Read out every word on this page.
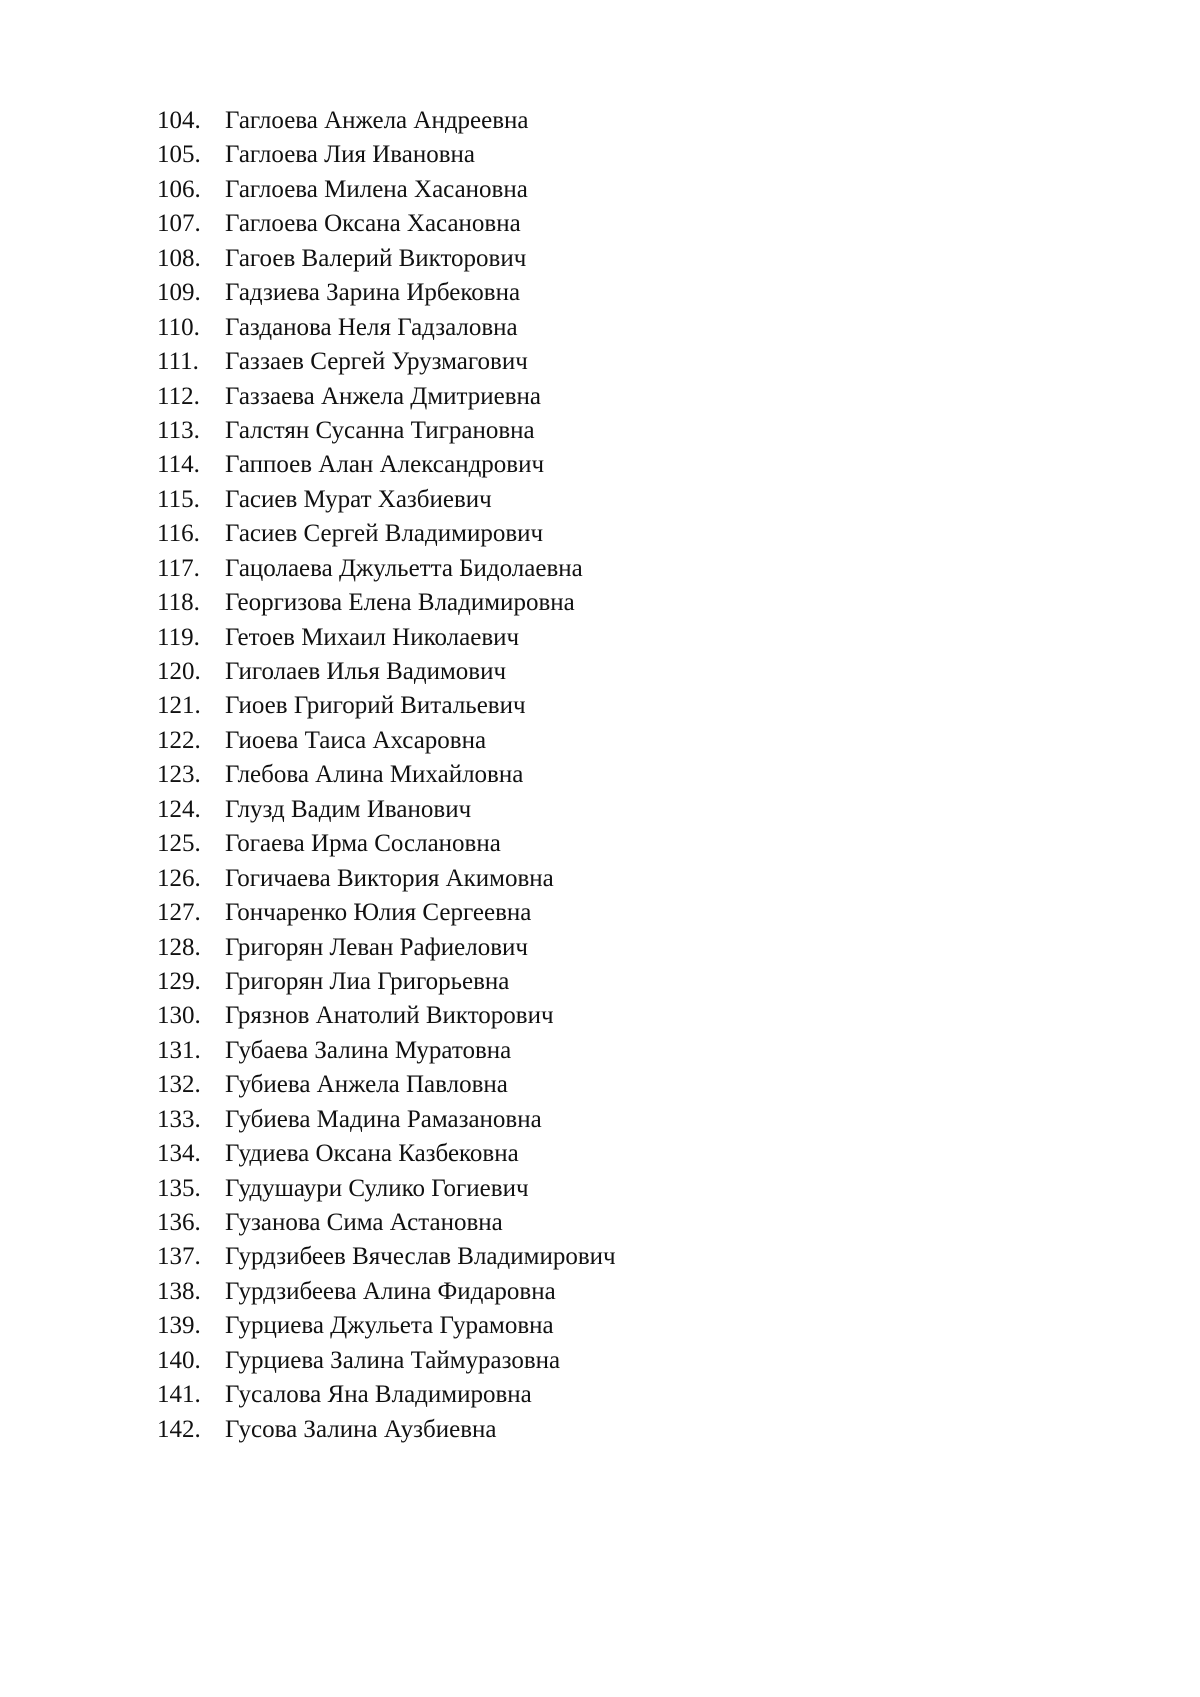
104. Гаглоева Анжела Андреевна
105. Гаглоева Лия Ивановна
106. Гаглоева Милена Хасановна
107. Гаглоева Оксана Хасановна
108. Гагоев Валерий Викторович
109. Гадзиева Зарина Ирбековна
110. Газданова Неля Гадзаловна
111. Газзаев Сергей Урузмагович
112. Газзаева Анжела Дмитриевна
113. Галстян Сусанна Тиграновна
114. Гаппоев Алан Александрович
115. Гасиев Мурат Хазбиевич
116. Гасиев Сергей Владимирович
117. Гацолаева Джульетта Бидолаевна
118. Георгизова Елена Владимировна
119. Гетоев Михаил Николаевич
120. Гиголаев Илья Вадимович
121. Гиоев Григорий Витальевич
122. Гиоева Таиса Ахсаровна
123. Глебова Алина Михайловна
124. Глузд Вадим Иванович
125. Гогаева Ирма Сослановна
126. Гогичаева Виктория Акимовна
127. Гончаренко Юлия Сергеевна
128. Григорян Леван Рафиелович
129. Григорян Лиа Григорьевна
130. Грязнов Анатолий Викторович
131. Губаева Залина Муратовна
132. Губиева Анжела Павловна
133. Губиева Мадина Рамазановна
134. Гудиева Оксана Казбековна
135. Гудушаури Сулико Гогиевич
136. Гузанова Сима Астановна
137. Гурдзибеев Вячеслав Владимирович
138. Гурдзибеева Алина Фидаровна
139. Гурциева Джульета Гурамовна
140. Гурциева Залина Таймуразовна
141. Гусалова Яна Владимировна
142. Гусова Залина Аузбиевна
